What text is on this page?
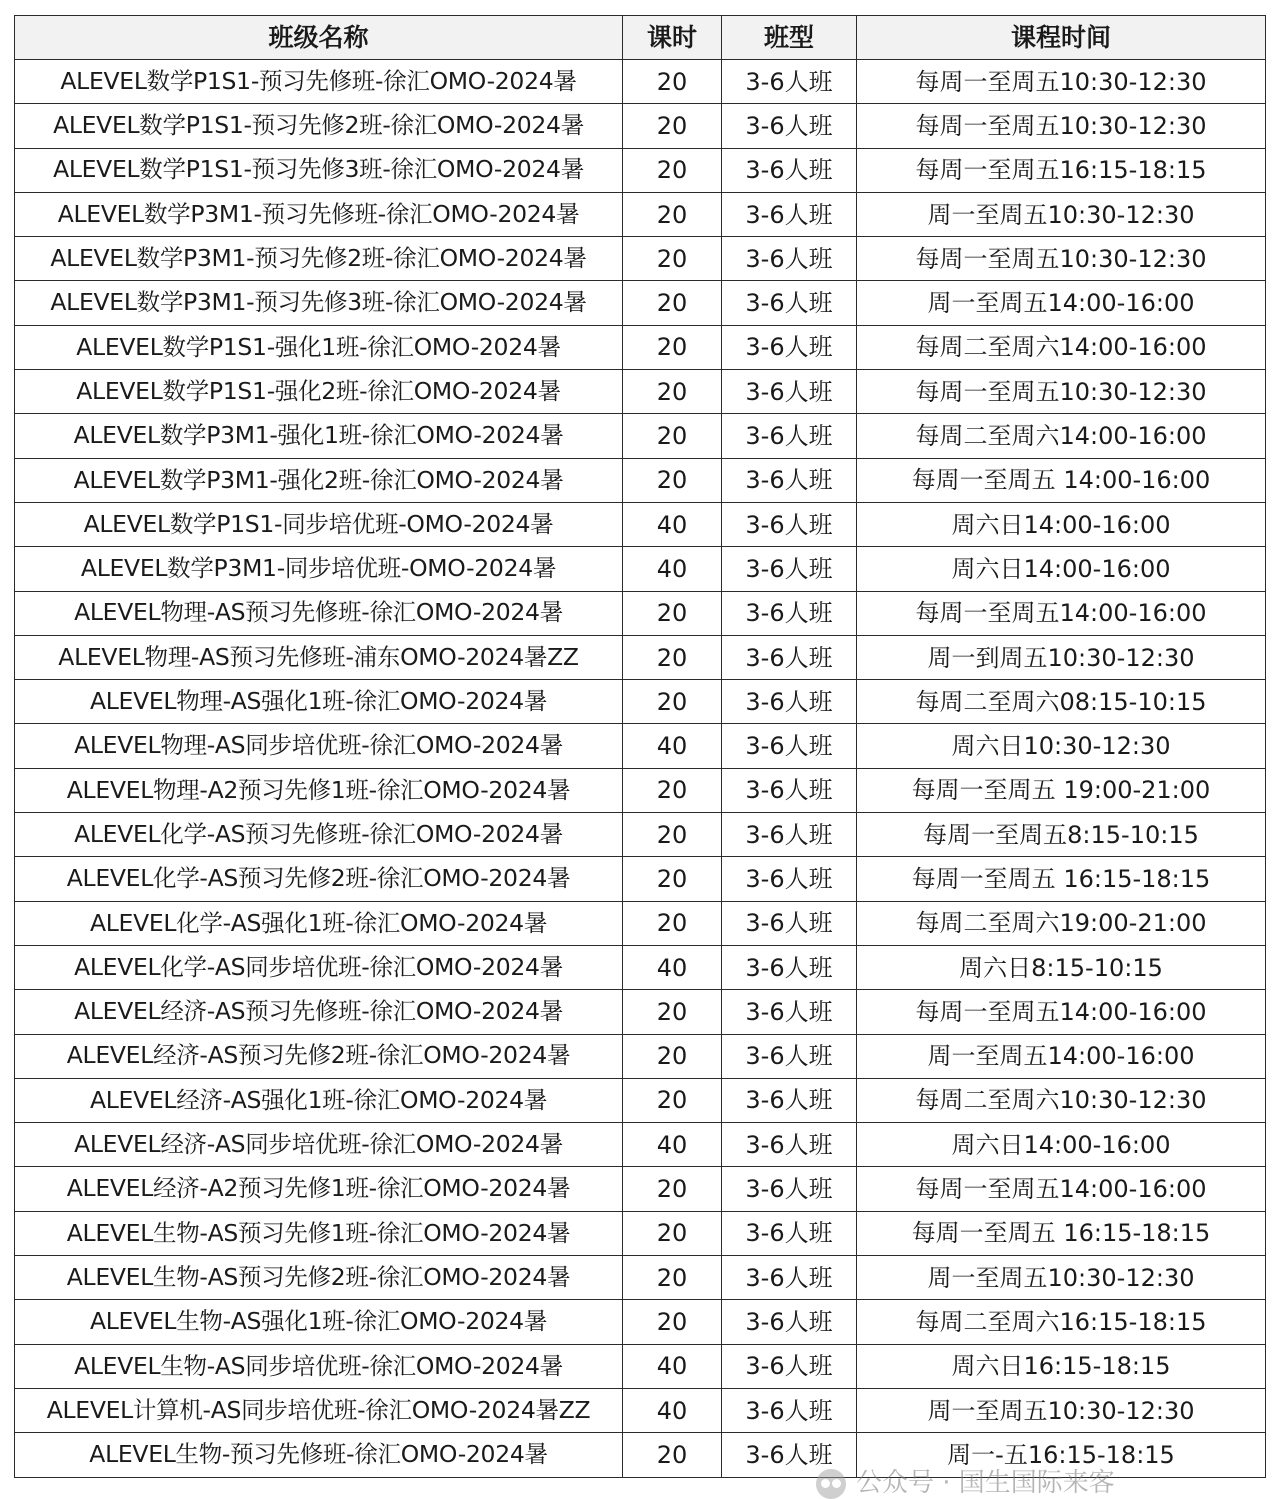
班级名称	课时	班型	课程时间
ALEVEL数学P1S1-预习先修班-徐汇OMO-2024暑	20	3-6人班	每周一至周五10:30-12:30
ALEVEL数学P1S1-预习先修2班-徐汇OMO-2024暑	20	3-6人班	每周一至周五10:30-12:30
ALEVEL数学P1S1-预习先修3班-徐汇OMO-2024暑	20	3-6人班	每周一至周五16:15-18:15
ALEVEL数学P3M1-预习先修班-徐汇OMO-2024暑	20	3-6人班	周一至周五10:30-12:30
ALEVEL数学P3M1-预习先修2班-徐汇OMO-2024暑	20	3-6人班	每周一至周五10:30-12:30
ALEVEL数学P3M1-预习先修3班-徐汇OMO-2024暑	20	3-6人班	周一至周五14:00-16:00
ALEVEL数学P1S1-强化1班-徐汇OMO-2024暑	20	3-6人班	每周二至周六14:00-16:00
ALEVEL数学P1S1-强化2班-徐汇OMO-2024暑	20	3-6人班	每周一至周五10:30-12:30
ALEVEL数学P3M1-强化1班-徐汇OMO-2024暑	20	3-6人班	每周二至周六14:00-16:00
ALEVEL数学P3M1-强化2班-徐汇OMO-2024暑	20	3-6人班	每周一至周五 14:00-16:00
ALEVEL数学P1S1-同步培优班-OMO-2024暑	40	3-6人班	周六日14:00-16:00
ALEVEL数学P3M1-同步培优班-OMO-2024暑	40	3-6人班	周六日14:00-16:00
ALEVEL物理-AS预习先修班-徐汇OMO-2024暑	20	3-6人班	每周一至周五14:00-16:00
ALEVEL物理-AS预习先修班-浦东OMO-2024暑ZZ	20	3-6人班	周一到周五10:30-12:30
ALEVEL物理-AS强化1班-徐汇OMO-2024暑	20	3-6人班	每周二至周六08:15-10:15
ALEVEL物理-AS同步培优班-徐汇OMO-2024暑	40	3-6人班	周六日10:30-12:30
ALEVEL物理-A2预习先修1班-徐汇OMO-2024暑	20	3-6人班	每周一至周五 19:00-21:00
ALEVEL化学-AS预习先修班-徐汇OMO-2024暑	20	3-6人班	每周一至周五8:15-10:15
ALEVEL化学-AS预习先修2班-徐汇OMO-2024暑	20	3-6人班	每周一至周五 16:15-18:15
ALEVEL化学-AS强化1班-徐汇OMO-2024暑	20	3-6人班	每周二至周六19:00-21:00
ALEVEL化学-AS同步培优班-徐汇OMO-2024暑	40	3-6人班	周六日8:15-10:15
ALEVEL经济-AS预习先修班-徐汇OMO-2024暑	20	3-6人班	每周一至周五14:00-16:00
ALEVEL经济-AS预习先修2班-徐汇OMO-2024暑	20	3-6人班	周一至周五14:00-16:00
ALEVEL经济-AS强化1班-徐汇OMO-2024暑	20	3-6人班	每周二至周六10:30-12:30
ALEVEL经济-AS同步培优班-徐汇OMO-2024暑	40	3-6人班	周六日14:00-16:00
ALEVEL经济-A2预习先修1班-徐汇OMO-2024暑	20	3-6人班	每周一至周五14:00-16:00
ALEVEL生物-AS预习先修1班-徐汇OMO-2024暑	20	3-6人班	每周一至周五 16:15-18:15
ALEVEL生物-AS预习先修2班-徐汇OMO-2024暑	20	3-6人班	周一至周五10:30-12:30
ALEVEL生物-AS强化1班-徐汇OMO-2024暑	20	3-6人班	每周二至周六16:15-18:15
ALEVEL生物-AS同步培优班-徐汇OMO-2024暑	40	3-6人班	周六日16:15-18:15
ALEVEL计算机-AS同步培优班-徐汇OMO-2024暑ZZ	40	3-6人班	周一至周五10:30-12:30
ALEVEL生物-预习先修班-徐汇OMO-2024暑	20	3-6人班	周一-五16:15-18:15
公众号 · 国生国际来客
